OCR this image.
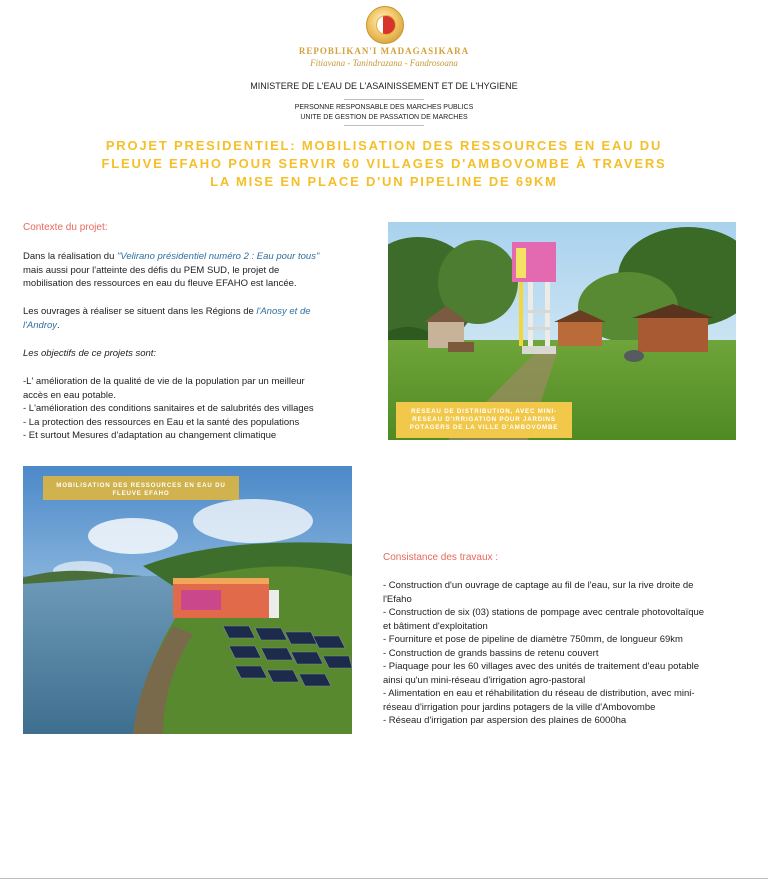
REPOBLIKAN'I MADAGASIKARA
Fitiavana - Tanindrazana - Fandrosoana
MINISTERE DE L'EAU DE L'ASAINISSEMENT ET DE L'HYGIENE
----------------------------------------
PERSONNE RESPONSABLE DES MARCHES PUBLICS
UNITE DE GESTION DE PASSATION DE MARCHES
----------------------------------------
PROJET PRESIDENTIEL: MOBILISATION DES RESSOURCES EN EAU DU
FLEUVE EFAHO POUR SERVIR 60 VILLAGES D'AMBOVOMBE À TRAVERS
LA MISE EN PLACE D'UN PIPELINE DE 69KM
Contexte du projet:
Dans la réalisation du "Velirano présidentiel numéro 2 : Eau pour tous"
mais aussi pour l'atteinte des défis du PEM SUD, le projet de
mobilisation des ressources en eau du fleuve EFAHO est lancée.
Les ouvrages à réaliser se situent dans les Régions de l'Anosy et de
l'Androy.
Les objectifs de ce projets sont:
-L' amélioration de la qualité de vie de la population par un meilleur
accès en eau potable.
- L'amélioration des conditions sanitaires et de salubrités des villages
- La protection des ressources en Eau et la santé des populations
- Et surtout Mesures d'adaptation au changement climatique
RESEAU DE DISTRIBUTION, AVEC MINI-RESEAU D'IRRIGATION POUR JARDINS POTAGERS DE LA VILLE D'AMBOVOMBE
MOBILISATION DES RESSOURCES EN EAU DU FLEUVE EFAHO
Consistance des travaux :
- Construction d'un ouvrage de captage au fil de l'eau, sur la rive droite de
l'Efaho
- Construction de six (03) stations de pompage avec centrale photovoltaïque
et bâtiment d'exploitation
- Fourniture et pose de pipeline de diamètre 750mm, de longueur 69km
- Construction de grands bassins de retenu couvert
- Piaquage pour les 60 villages avec des unités de traitement d'eau potable
ainsi qu'un mini-réseau d'irrigation agro-pastoral
- Alimentation en eau et réhabilitation du réseau de distribution, avec mini-
réseau d'irrigation pour jardins potagers de la ville d'Ambovombe
- Réseau d'irrigation par aspersion des plaines de 6000ha
